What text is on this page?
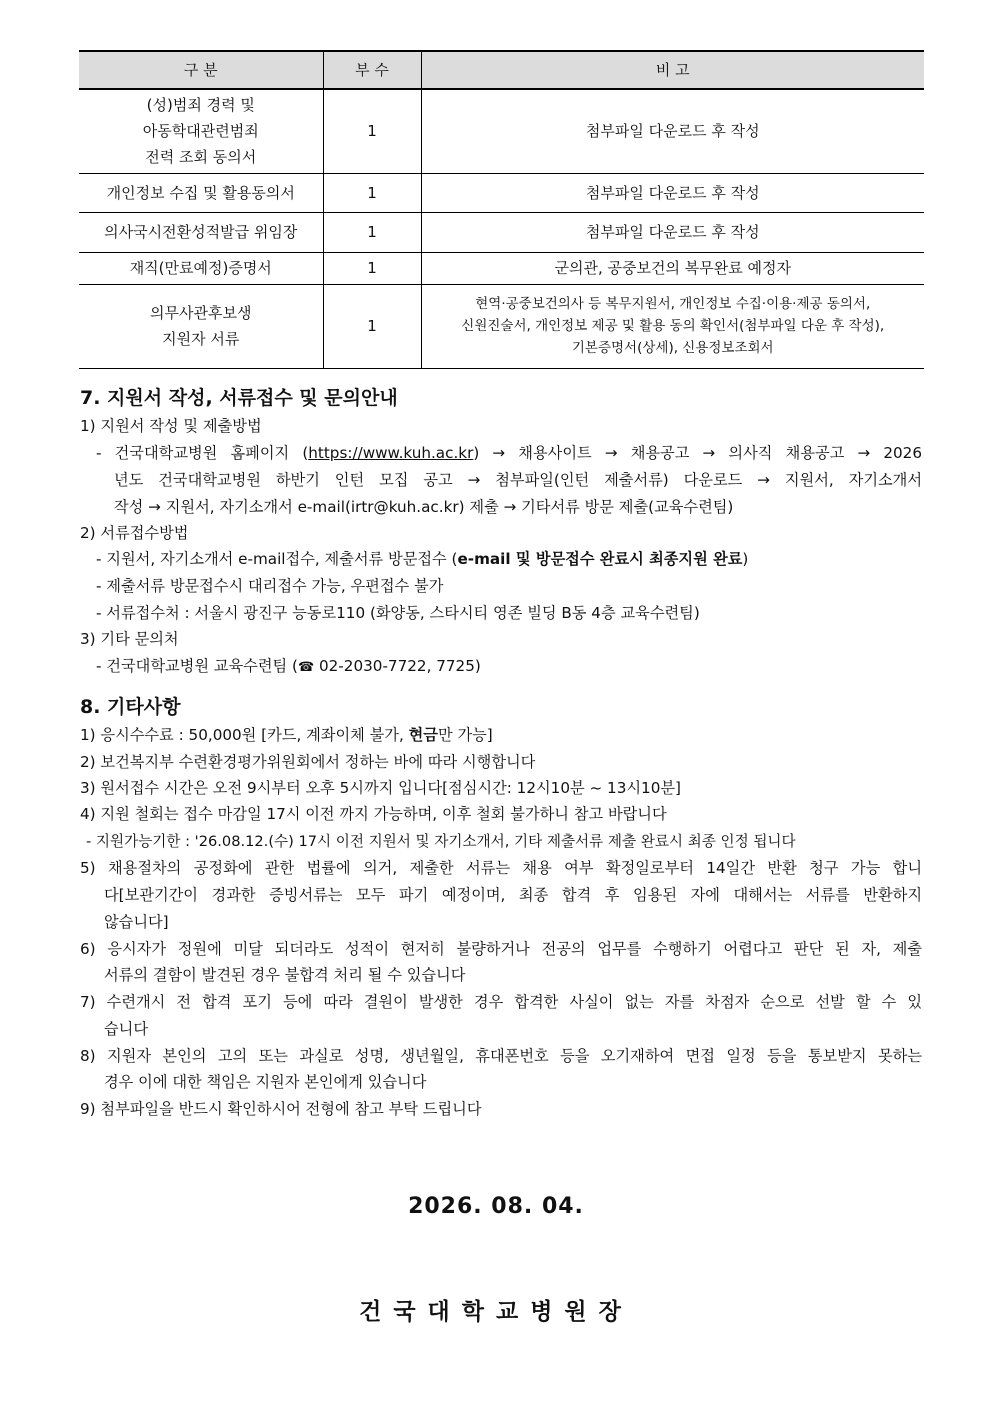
구 분	부 수	비 고

(성)범죄 경력 및
아동학대관련범죄
전력 조회 동의서	1	첨부파일 다운로드 후 작성
개인정보 수집 및 활용동의서	1	첨부파일 다운로드 후 작성
의사국시전환성적발급 위임장	1	첨부파일 다운로드 후 작성
재직(만료예정)증명서	1	군의관, 공중보건의 복무완료 예정자

의무사관후보생
지원자 서류	1	현역·공중보건의사 등 복무지원서, 개인정보 수집·이용·제공 동의서,
신원진술서, 개인정보 제공 및 활용 동의 확인서(첨부파일 다운 후 작성),
기본증명서(상세), 신용정보조회서
7. 지원서 작성, 서류접수 및 문의안내

1) 지원서 작성 및 제출방법

- 건국대학교병원 홈페이지 (https://www.kuh.ac.kr) → 채용사이트 → 채용공고 → 의사직 채용공고 → 2026

년도 건국대학교병원 하반기 인턴 모집 공고 → 첨부파일(인턴 제출서류) 다운로드 → 지원서, 자기소개서

작성 → 지원서, 자기소개서 e-mail(irtr@kuh.ac.kr) 제출 → 기타서류 방문 제출(교육수련팀)

2) 서류접수방법

- 지원서, 자기소개서 e-mail접수, 제출서류 방문접수 (e-mail 및 방문접수 완료시 최종지원 완료)

- 제출서류 방문접수시 대리접수 가능, 우편접수 불가

- 서류접수처 : 서울시 광진구 능동로110 (화양동, 스타시티 영존 빌딩 B동 4층 교육수련팀)

3) 기타 문의처

- 건국대학교병원 교육수련팀 (☎ 02-2030-7722, 7725)

8. 기타사항

1) 응시수수료 : 50,000원 [카드, 계좌이체 불가, 현금만 가능]

2) 보건복지부 수련환경평가위원회에서 정하는 바에 따라 시행합니다

3) 원서접수 시간은 오전 9시부터 오후 5시까지 입니다[점심시간: 12시10분 ~ 13시10분]

4) 지원 철회는 접수 마감일 17시 이전 까지 가능하며, 이후 철회 불가하니 참고 바랍니다

- 지원가능기한 : '26.08.12.(수) 17시 이전 지원서 및 자기소개서, 기타 제출서류 제출 완료시 최종 인정 됩니다

5) 채용절차의 공정화에 관한 법률에 의거, 제출한 서류는 채용 여부 확정일로부터 14일간 반환 청구 가능 합니

다[보관기간이 경과한 증빙서류는 모두 파기 예정이며, 최종 합격 후 임용된 자에 대해서는 서류를 반환하지

않습니다]

6) 응시자가 정원에 미달 되더라도 성적이 현저히 불량하거나 전공의 업무를 수행하기 어렵다고 판단 된 자, 제출

서류의 결함이 발견된 경우 불합격 처리 될 수 있습니다

7) 수련개시 전 합격 포기 등에 따라 결원이 발생한 경우 합격한 사실이 없는 자를 차점자 순으로 선발 할 수 있

습니다

8) 지원자 본인의 고의 또는 과실로 성명, 생년월일, 휴대폰번호 등을 오기재하여 면접 일정 등을 통보받지 못하는

경우 이에 대한 책임은 지원자 본인에게 있습니다

9) 첨부파일을 반드시 확인하시어 전형에 참고 부탁 드립니다

2026. 08. 04.
건국대학교병원장
